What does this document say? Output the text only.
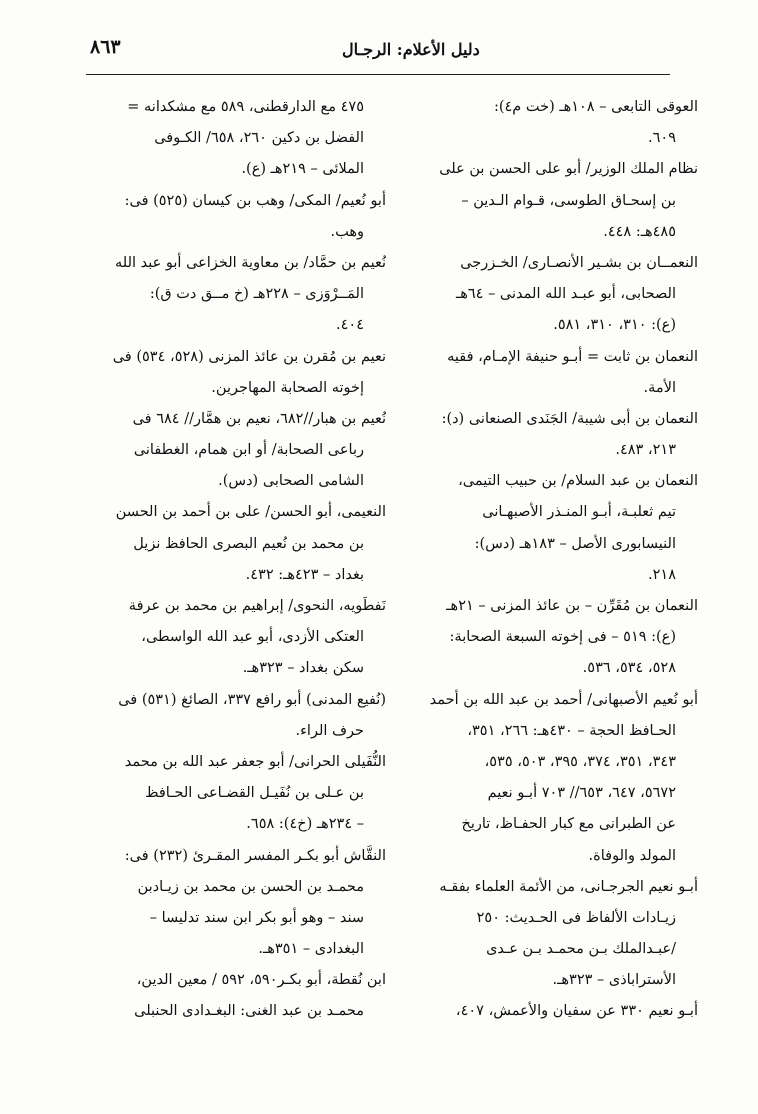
٨٦٣	دليل الأعلام: الرجـال
العوقى التابعى – ١٠٨هـ (خت م٤):
٦٠٩.
نظام الملك الوزير/ أبو على الحسن بن على
بن إسحـاق الطوسى، قـوام الـدين –
٤٨٥هـ: ٤٤٨.
النعمــان بن بشـير الأنصـارى/ الخـزرجى
الصحابى، أبو عبـد الله المدنى – ٦٤هـ
(ع): ٣١٠، ٣١٠، ٥٨١.
النعمان بن ثابت = أبـو حنيفة الإمـام، فقيه
الأمة.
النعمان بن أبى شيبة/ الجَنَدى الصنعانى (د):
٢١٣، ٤٨٣.
النعمان بن عبد السلام/ بن حبيب التيمى،
تيم ثعلبـة، أبـو المنـذر الأصبهـانى
النيسابورى الأصل – ١٨٣هـ (دس):
٢١٨.
النعمان بن مُقَرِّن – بن عائذ المزنى – ٢١هـ
(ع): ٥١٩ – فى إخوته السبعة الصحابة:
٥٢٨، ٥٣٤، ٥٣٦.
أبو نُعيم الأصبهانى/ أحمد بن عبد الله بن أحمد
الحـافظ الحجة – ٤٣٠هـ: ٢٦٦، ٣٥١،
٣٤٣، ٣٥١، ٣٧٤، ٣٩٥، ٥٠٣، ٥٣٥،
٥٦٧٢، ٦٤٧، ٦٥٣// ٧٠٣ أبـو نعيم
عن الطبرانى مع كبار الحفـاظ، تاريخ
المولد والوفاة.
أبـو نعيم الجرجـانى، من الأئمة العلماء بفقـه
زيـادات الألفاظ فى الحـديث: ٢٥٠
/عبـدالملك بـن محمـد بـن عـدى
الأستراباذى – ٣٢٣هـ.
أبـو نعيم ٣٣٠ عن سفيان والأعمش، ٤٠٧،
٤٧٥ مع الدارقطنى، ٥٨٩ مع مشكدانه =
الفضل بن دكين ٢٦٠، ٦٥٨/ الكـوفى
الملائى – ٢١٩هـ (ع).
أبو نُعيم/ المكى/ وهب بن كيسان (٥٢٥) فى:
وهب.
نُعيم بن حمَّاد/ بن معاوية الخزاعى أبو عبد الله
المَــرْوَزى – ٢٢٨هـ (خ مــق دت ق):
٤٠٤.
نعيم بن مُقرن بن عائذ المزنى (٥٢٨، ٥٣٤) فى
إخوته الصحابة المهاجرين.
نُعيم بن هبار//٦٨٢، نعيم بن همَّار// ٦٨٤ فى
رباعى الصحابة/ أو ابن همام، الغطفانى
الشامى الصحابى (دس).
النعيمى، أبو الحسن/ على بن أحمد بن الحسن
بن محمد بن نُعيم البصرى الحافظ نزيل
بغداد – ٤٢٣هـ: ٤٣٢.
نَفطَويه، النحوى/ إبراهيم بن محمد بن عرفة
العتكى الأزدى، أبو عبد الله الواسطى،
سكن بغداد – ٣٢٣هـ.
(نُفيع المدنى) أبو رافع ٣٣٧، الصائغ (٥٣١) فى
حرف الراء.
النُّفَيلى الحرانى/ أبو جعفر عبد الله بن محمد
بن عـلى بن نُفَيـل القضـاعى الحـافظ
– ٢٣٤هـ (خ٤): ٦٥٨.
النقَّاش أبو بكـر المفسر المقـرئ (٢٣٢) فى:
محمـد بن الحسن بن محمد بن زيـادبن
سند – وهو أبو بكر ابن سند تدليسا –
البغدادى – ٣٥١هـ.
ابن نُقطة، أبو بكـر٥٩٠، ٥٩٢ / معين الدين،
محمـد بن عبد الغنى: البغـدادى الحنبلى
